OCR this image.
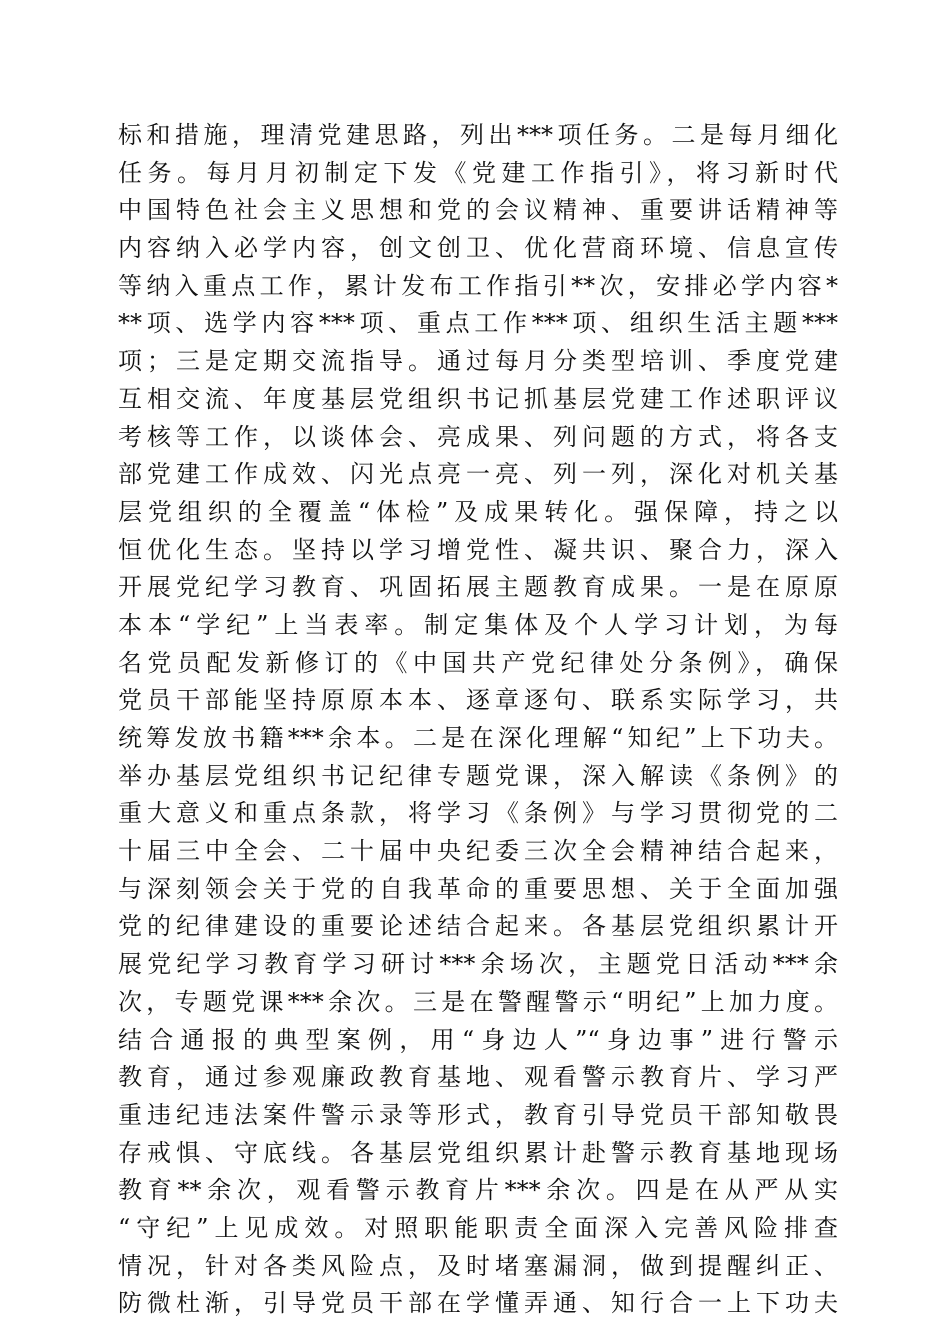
标和措施，理清党建思路，列出***项任务。二是每月细化
任务。每月月初制定下发《党建工作指引》，将习新时代
中国特色社会主义思想和党的会议精神、重要讲话精神等
内容纳入必学内容，创文创卫、优化营商环境、信息宣传
等纳入重点工作，累计发布工作指引**次，安排必学内容*
**项、选学内容***项、重点工作***项、组织生活主题***
项；三是定期交流指导。通过每月分类型培训、季度党建
互相交流、年度基层党组织书记抓基层党建工作述职评议
考核等工作，以谈体会、亮成果、列问题的方式，将各支
部党建工作成效、闪光点亮一亮、列一列，深化对机关基
层党组织的全覆盖“体检”及成果转化。强保障，持之以
恒优化生态。坚持以学习增党性、凝共识、聚合力，深入
开展党纪学习教育、巩固拓展主题教育成果。一是在原原
本本“学纪”上当表率。制定集体及个人学习计划，为每
名党员配发新修订的《中国共产党纪律处分条例》，确保
党员干部能坚持原原本本、逐章逐句、联系实际学习，共
统筹发放书籍***余本。二是在深化理解“知纪”上下功夫。
举办基层党组织书记纪律专题党课，深入解读《条例》的
重大意义和重点条款，将学习《条例》与学习贯彻党的二
十届三中全会、二十届中央纪委三次全会精神结合起来，
与深刻领会关于党的自我革命的重要思想、关于全面加强
党的纪律建设的重要论述结合起来。各基层党组织累计开
展党纪学习教育学习研讨***余场次，主题党日活动***余
次，专题党课***余次。三是在警醒警示“明纪”上加力度。
结合通报的典型案例，用“身边人”“身边事”进行警示
教育，通过参观廉政教育基地、观看警示教育片、学习严
重违纪违法案件警示录等形式，教育引导党员干部知敬畏
存戒惧、守底线。各基层党组织累计赴警示教育基地现场
教育**余次，观看警示教育片***余次。四是在从严从实
“守纪”上见成效。对照职能职责全面深入完善风险排查
情况，针对各类风险点，及时堵塞漏洞，做到提醒纠正、
防微杜渐，引导党员干部在学懂弄通、知行合一上下功夫
